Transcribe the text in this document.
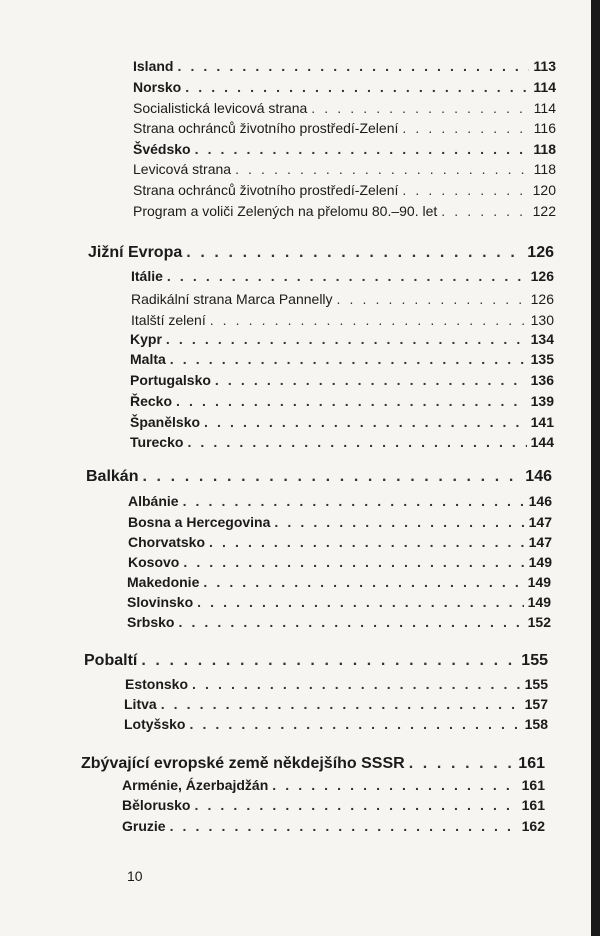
Island . . .	113
Norsko . . .	114
Socialistická levicová strana . . .	114
Strana ochránců životního prostředí-Zelení . . .	116
Švédsko . . .	118
Levicová strana . . .	118
Strana ochránců životního prostředí-Zelení . . .	120
Program a voliči Zelených na přelomu 80.–90. let . . .	122
Jižní Evropa . . .	126
Itálie . . .	126
Radikální strana Marca Pannelly . . .	126
Italští zelení . . .	130
Kypr . . .	134
Malta . . .	135
Portugalsko . . .	136
Řecko . . .	139
Španělsko . . .	141
Turecko . . .	144
Balkán . . .	146
Albánie . . .	146
Bosna a Hercegovina . . .	147
Chorvatsko . . .	147
Kosovo . . .	149
Makedonie . . .	149
Slovinsko . . .	149
Srbsko . . .	152
Pobaltí . . .	155
Estonsko . . .	155
Litva . . .	157
Lotyšsko . . .	158
Zbývající evropské země někdejšího SSSR . . .	161
Arménie, Ázerbajdžán . . .	161
Bělorusko . . .	161
Gruzie . . .	162
10
